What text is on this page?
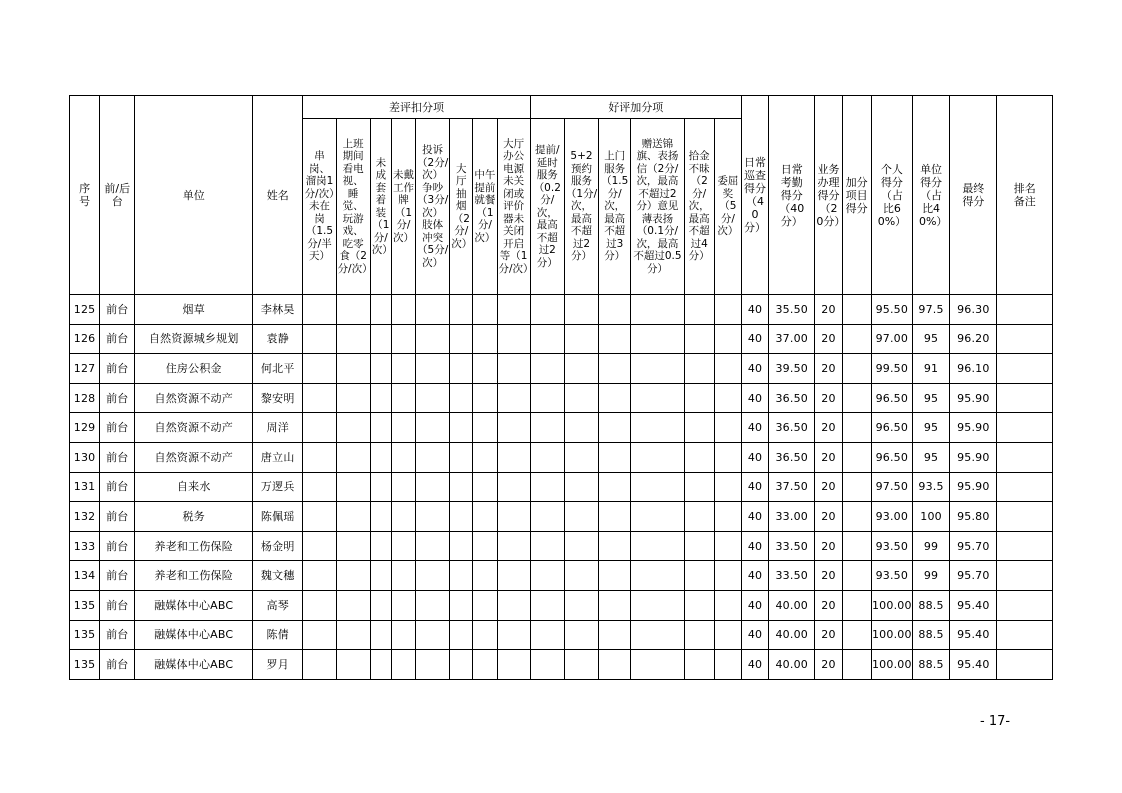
序号	前/后台	单位	姓名	差评扣分项								好评加分项						日常巡查得分（40分）	日常考勤得分（40分）	业务办理得分（20分）	加分项目得分	个人得分（占比60%）	单位得分（占比40%）	最终得分	排名备注

				串岗、溜岗1分/次）未在岗（1.5分/半天）	上班期间看电视、睡觉、玩游戏、吃零食（2分/次）	未成套着装（1分/次）	未戴工作牌（1分/次）	投诉（2分/次）争吵（3分/次）肢体冲突（5分/次）	大厅抽烟（2分/次）	中午提前就餐（1分/次）	大厅办公电源未关闭或评价器未关闭开启等（1分/次）	提前/延时服务（0.2分/次，最高不超过2分）	5+2预约服务（1分/次，最高不超过2分）	上门服务（1.5分/次，最高不超过3分）	赠送锦旗、表扬信（2分/次，最高不超过2分）意见薄表扬（0.1分/次，最高不超过0.5分）	拾金不昧（2分/次，最高不超过4分）	委屈奖（5分/次）								

125	前台	烟草	李林昊															40	35.50	20		95.50	97.5	96.30	
126	前台	自然资源城乡规划	袁静															40	37.00	20		97.00	95	96.20	
127	前台	住房公积金	何北平															40	39.50	20		99.50	91	96.10	
128	前台	自然资源不动产	黎安明															40	36.50	20		96.50	95	95.90	
129	前台	自然资源不动产	周洋															40	36.50	20		96.50	95	95.90	
130	前台	自然资源不动产	唐立山															40	36.50	20		96.50	95	95.90	
131	前台	自来水	万逻兵															40	37.50	20		97.50	93.5	95.90	
132	前台	税务	陈佩瑶															40	33.00	20		93.00	100	95.80	
133	前台	养老和工伤保险	杨金明															40	33.50	20		93.50	99	95.70	
134	前台	养老和工伤保险	魏文穗															40	33.50	20		93.50	99	95.70	
135	前台	融媒体中心ABC	高琴															40	40.00	20		100.00	88.5	95.40	
135	前台	融媒体中心ABC	陈倩															40	40.00	20		100.00	88.5	95.40	
135	前台	融媒体中心ABC	罗月															40	40.00	20		100.00	88.5	95.40	
- 17-
